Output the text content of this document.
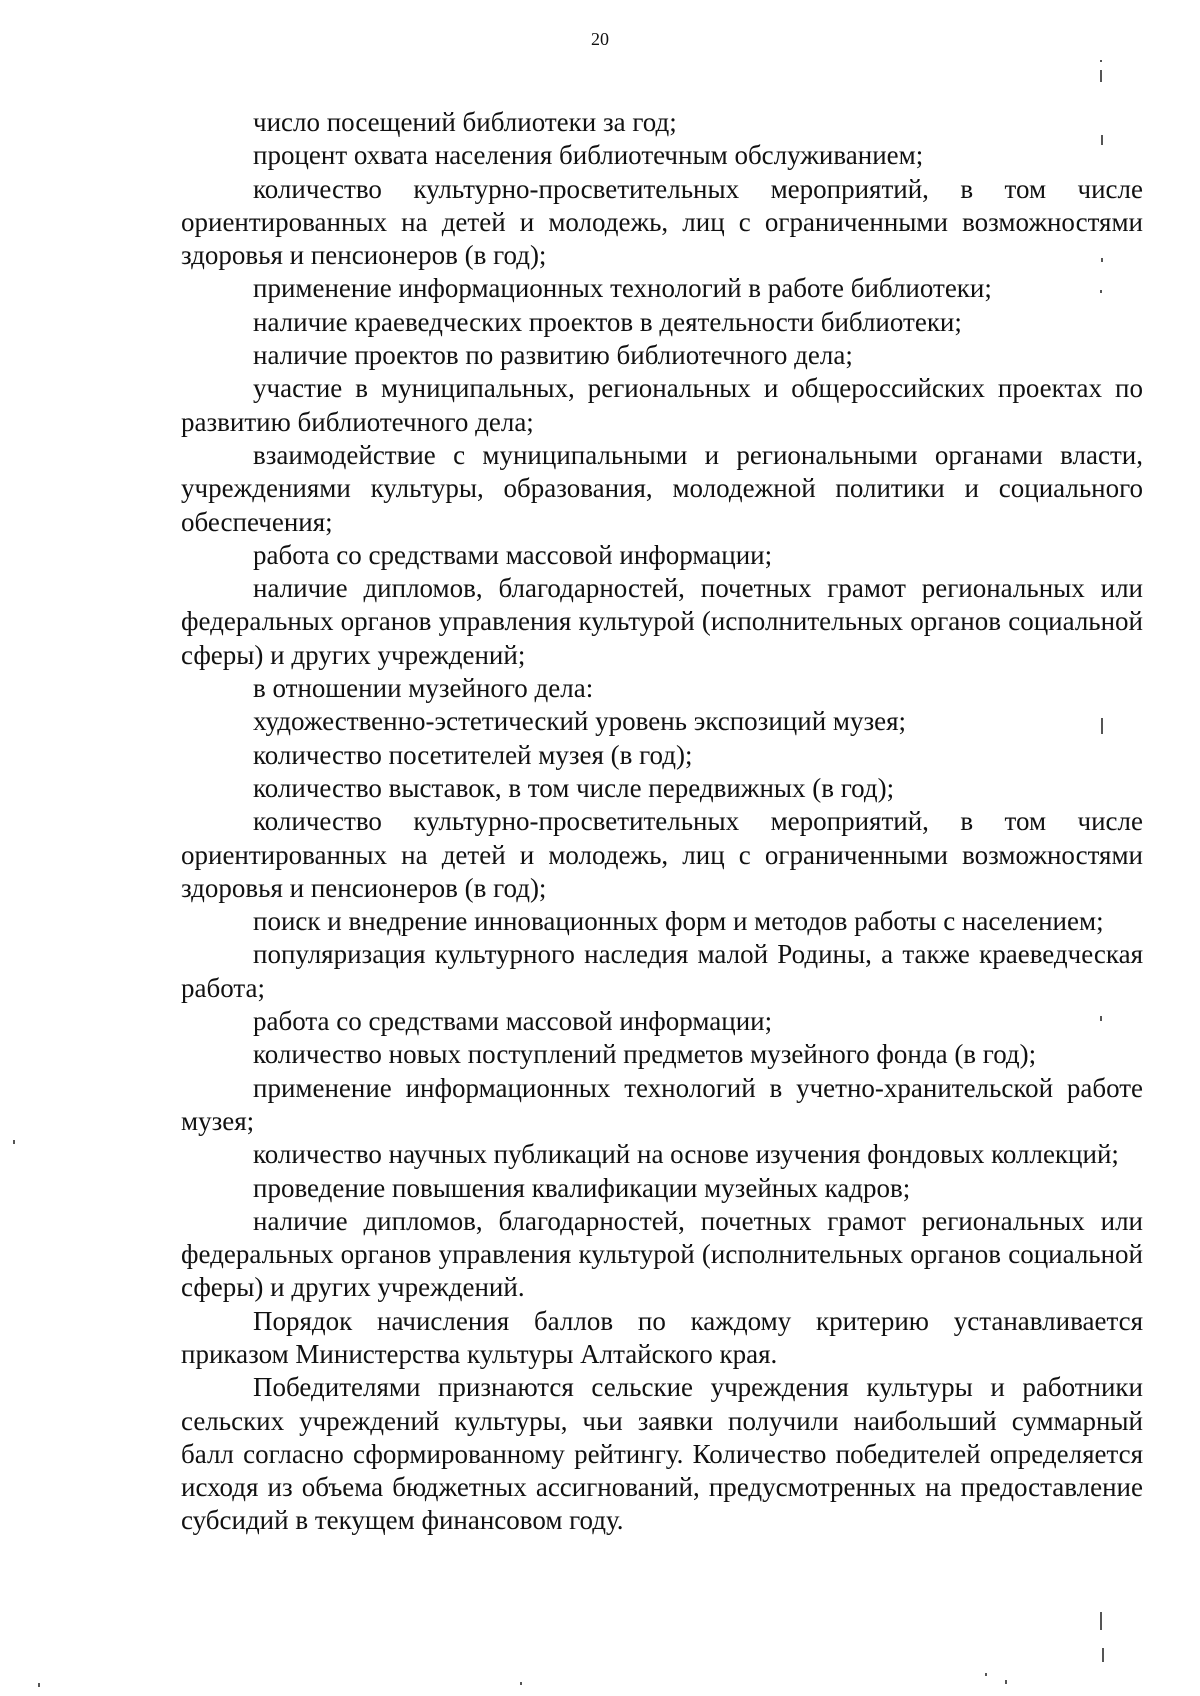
20

число посещений библиотеки за год;

процент охвата населения библиотечным обслуживанием;

количество культурно-просветительных мероприятий, в том числе ориентированных на детей и молодежь, лиц с ограниченными возможностями здоровья и пенсионеров (в год);

применение информационных технологий в работе библиотеки;

наличие краеведческих проектов в деятельности библиотеки;

наличие проектов по развитию библиотечного дела;

участие в муниципальных, региональных и общероссийских проектах по развитию библиотечного дела;

взаимодействие с муниципальными и региональными органами власти, учреждениями культуры, образования, молодежной политики и социального обеспечения;

работа со средствами массовой информации;

наличие дипломов, благодарностей, почетных грамот региональных или федеральных органов управления культурой (исполнительных органов социальной сферы) и других учреждений;

в отношении музейного дела:

художественно-эстетический уровень экспозиций музея;

количество посетителей музея (в год);

количество выставок, в том числе передвижных (в год);

количество культурно-просветительных мероприятий, в том числе ориентированных на детей и молодежь, лиц с ограниченными возможностями здоровья и пенсионеров (в год);

поиск и внедрение инновационных форм и методов работы с населением;

популяризация культурного наследия малой Родины, а также краеведческая работа;

работа со средствами массовой информации;

количество новых поступлений предметов музейного фонда (в год);

применение информационных технологий в учетно-хранительской работе музея;

количество научных публикаций на основе изучения фондовых коллекций;

проведение повышения квалификации музейных кадров;

наличие дипломов, благодарностей, почетных грамот региональных или федеральных органов управления культурой (исполнительных органов социальной сферы) и других учреждений.

Порядок начисления баллов по каждому критерию устанавливается приказом Министерства культуры Алтайского края.

Победителями признаются сельские учреждения культуры и работники сельских учреждений культуры, чьи заявки получили наибольший суммарный балл согласно сформированному рейтингу. Количество победителей определяется исходя из объема бюджетных ассигнований, предусмотренных на предоставление субсидий в текущем финансовом году.
